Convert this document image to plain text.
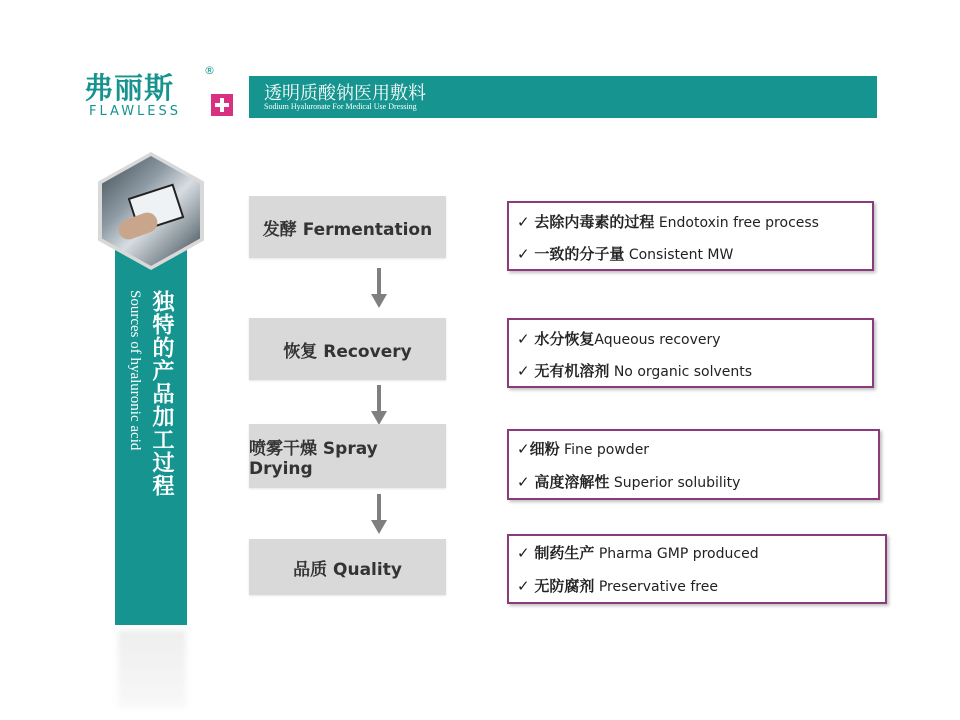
弗丽斯
®
FLAWLESS
透明质酸钠医用敷料
Sodium Hyaluronate For Medical Use Dressing
独特的产品加工过程
Sources of hyaluronic acid
发酵 Fermentation
恢复 Recovery
喷雾干燥 Spray Drying
品质 Quality
✓ 去除内毒素的过程 Endotoxin free process
✓ 一致的分子量 Consistent MW
✓ 水分恢复Aqueous recovery
✓ 无有机溶剂 No organic solvents
✓细粉 Fine powder
✓ 高度溶解性 Superior solubility
✓ 制药生产 Pharma GMP produced
✓ 无防腐剂 Preservative free
